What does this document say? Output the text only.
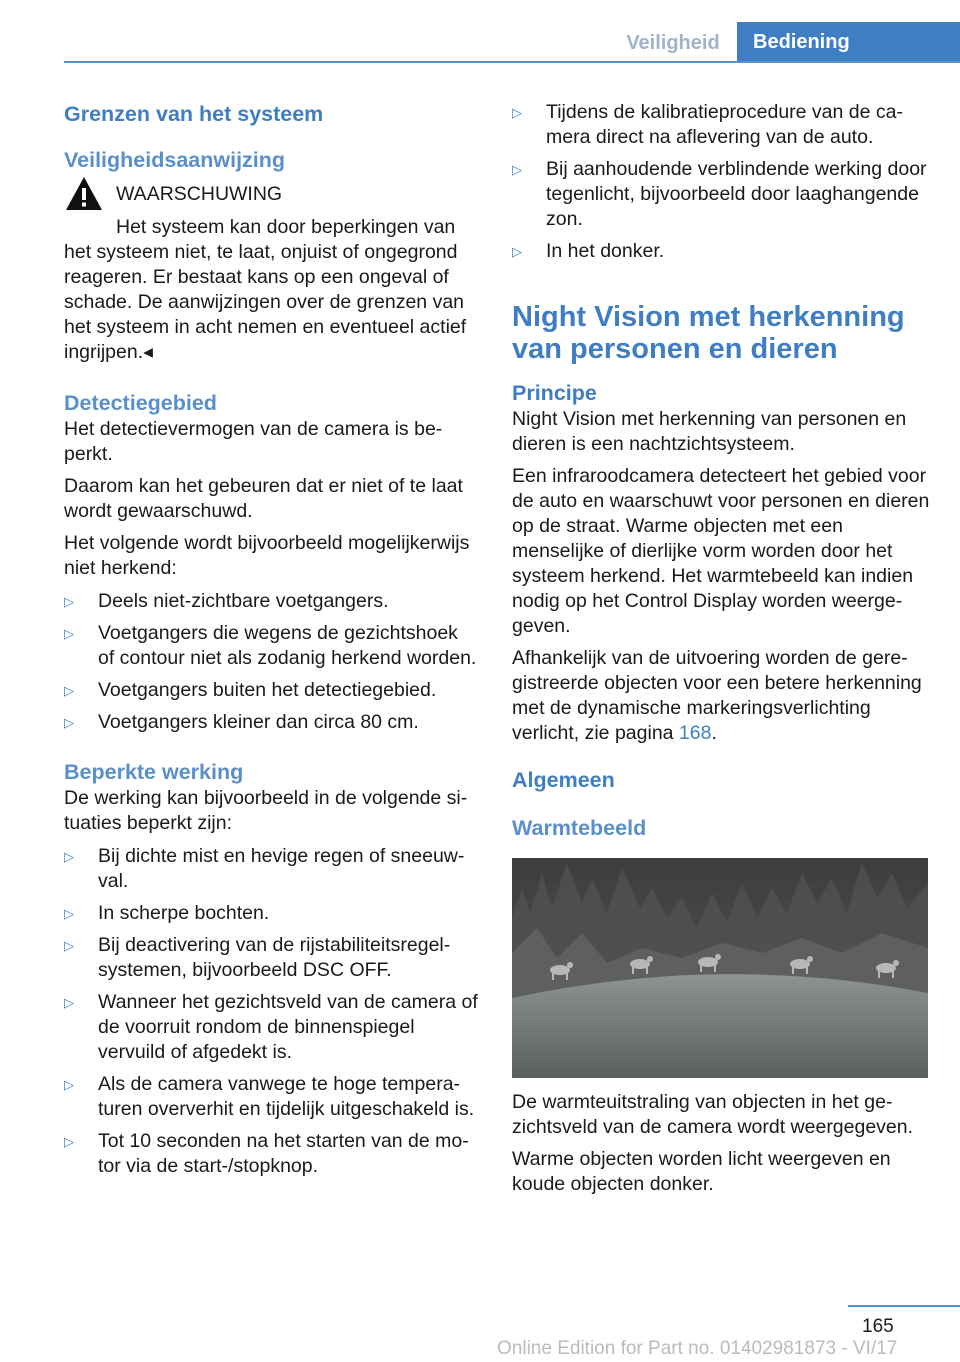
Veiligheid	Bediening
Grenzen van het systeem
Veiligheidsaanwijzing
WAARSCHUWING

Het systeem kan door beperkingen van het systeem niet, te laat, onjuist of ongegrond reageren. Er bestaat kans op een ongeval of schade. De aanwijzingen over de grenzen van het systeem in acht nemen en eventueel actief ingrijpen.◂

Detectiegebied

Het detectievermogen van de camera is beperkt.

Daarom kan het gebeuren dat er niet of te laat wordt gewaarschuwd.

Het volgende wordt bijvoorbeeld mogelijkerwijs niet herkend:

▷ Deels niet-zichtbare voetgangers.
▷ Voetgangers die wegens de gezichtshoek of contour niet als zodanig herkend worden.
▷ Voetgangers buiten het detectiegebied.
▷ Voetgangers kleiner dan circa 80 cm.
Beperkte werking

De werking kan bijvoorbeeld in de volgende situaties beperkt zijn:

▷ Bij dichte mist en hevige regen of sneeuwval.
▷ In scherpe bochten.
▷ Bij deactivering van de rijstabiliteitsregelsystemen, bijvoorbeeld DSC OFF.
▷ Wanneer het gezichtsveld van de camera of de voorruit rondom de binnenspiegel vervuild of afgedekt is.
▷ Als de camera vanwege te hoge temperaturen oververhit en tijdelijk uitgeschakeld is.
▷ Tot 10 seconden na het starten van de motor via de start-/stopknop.
▷ Tijdens de kalibratieprocedure van de camera direct na aflevering van de auto.
▷ Bij aanhoudende verblindende werking door tegenlicht, bijvoorbeeld door laaghangende zon.
▷ In het donker.
Night Vision met herkenning van personen en dieren
Principe

Night Vision met herkenning van personen en dieren is een nachtzichtsysteem.

Een infraroodcamera detecteert het gebied voor de auto en waarschuwt voor personen en dieren op de straat. Warme objecten met een menselijke of dierlijke vorm worden door het systeem herkend. Het warmtebeeld kan indien nodig op het Control Display worden weergegeven.

Afhankelijk van de uitvoering worden de geregistreerde objecten voor een betere herkenning met de dynamische markeringsverlichting verlicht, zie pagina 168.

Algemeen
Warmtebeeld

De warmteuitstraling van objecten in het gezichtsveld van de camera wordt weergegeven.

Warme objecten worden licht weergeven en koude objecten donker.

165
Online Edition for Part no. 01402981873 - VI/17
